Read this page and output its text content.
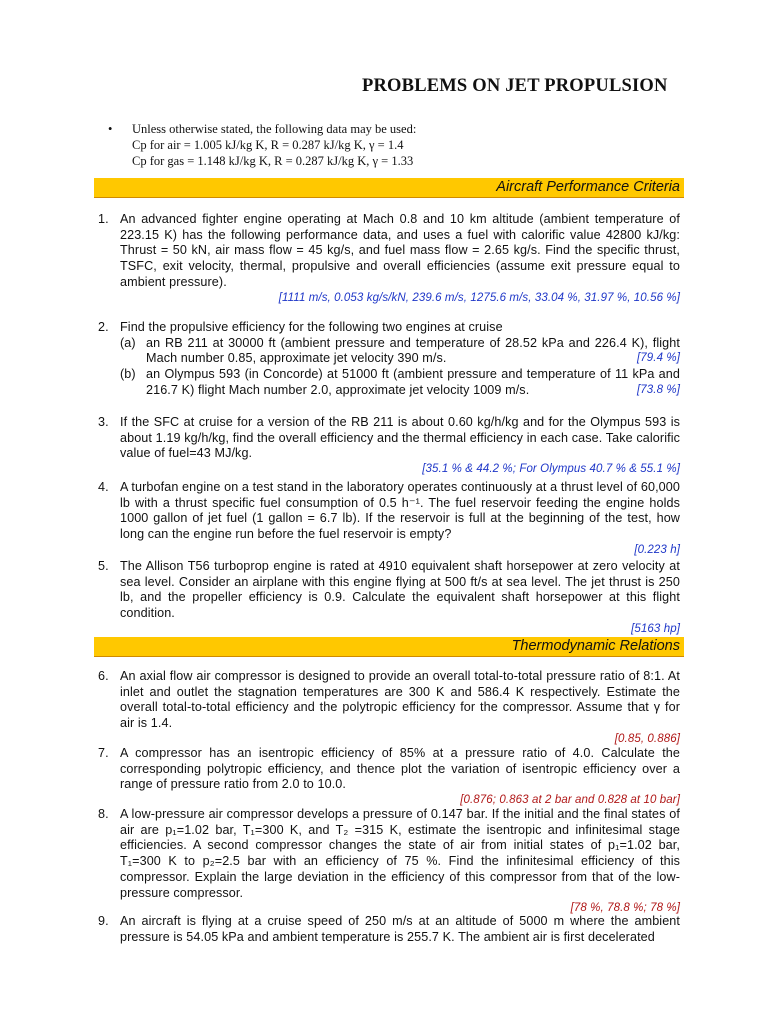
PROBLEMS ON JET PROPULSION
• Unless otherwise stated, the following data may be used:
Cp for air = 1.005 kJ/kg K, R = 0.287 kJ/kg K, γ = 1.4
Cp for gas = 1.148 kJ/kg K, R = 0.287 kJ/kg K, γ = 1.33
Aircraft Performance Criteria
1. An advanced fighter engine operating at Mach 0.8 and 10 km altitude (ambient temperature of 223.15 K) has the following performance data, and uses a fuel with calorific value 42800 kJ/kg: Thrust = 50 kN, air mass flow = 45 kg/s, and fuel mass flow = 2.65 kg/s. Find the specific thrust, TSFC, exit velocity, thermal, propulsive and overall efficiencies (assume exit pressure equal to ambient pressure).
[1111 m/s, 0.053 kg/s/kN, 239.6 m/s, 1275.6 m/s, 33.04 %, 31.97 %, 10.56 %]
2. Find the propulsive efficiency for the following two engines at cruise
(a) an RB 211 at 30000 ft (ambient pressure and temperature of 28.52 kPa and 226.4 K), flight Mach number 0.85, approximate jet velocity 390 m/s.	[79.4 %]
(b) an Olympus 593 (in Concorde) at 51000 ft (ambient pressure and temperature of 11 kPa and 216.7 K) flight Mach number 2.0, approximate jet velocity 1009 m/s.	[73.8 %]
3. If the SFC at cruise for a version of the RB 211 is about 0.60 kg/h/kg and for the Olympus 593 is about 1.19 kg/h/kg, find the overall efficiency and the thermal efficiency in each case. Take calorific value of fuel=43 MJ/kg.
[35.1 % & 44.2 %; For Olympus 40.7 % & 55.1 %]
4. A turbofan engine on a test stand in the laboratory operates continuously at a thrust level of 60,000 lb with a thrust specific fuel consumption of 0.5 h⁻¹. The fuel reservoir feeding the engine holds 1000 gallon of jet fuel (1 gallon = 6.7 lb). If the reservoir is full at the beginning of the test, how long can the engine run before the fuel reservoir is empty?
[0.223 h]
5. The Allison T56 turboprop engine is rated at 4910 equivalent shaft horsepower at zero velocity at sea level. Consider an airplane with this engine flying at 500 ft/s at sea level. The jet thrust is 250 lb, and the propeller efficiency is 0.9. Calculate the equivalent shaft horsepower at this flight condition.
[5163 hp]
Thermodynamic Relations
6. An axial flow air compressor is designed to provide an overall total-to-total pressure ratio of 8:1. At inlet and outlet the stagnation temperatures are 300 K and 586.4 K respectively. Estimate the overall total-to-total efficiency and the polytropic efficiency for the compressor. Assume that γ for air is 1.4.
[0.85, 0.886]
7. A compressor has an isentropic efficiency of 85% at a pressure ratio of 4.0. Calculate the corresponding polytropic efficiency, and thence plot the variation of isentropic efficiency over a range of pressure ratio from 2.0 to 10.0.
[0.876; 0.863 at 2 bar and 0.828 at 10 bar]
8. A low-pressure air compressor develops a pressure of 0.147 bar. If the initial and the final states of air are p₁=1.02 bar, T₁=300 K, and T₂ =315 K, estimate the isentropic and infinitesimal stage efficiencies. A second compressor changes the state of air from initial states of p₁=1.02 bar, T₁=300 K to p₂=2.5 bar with an efficiency of 75 %. Find the infinitesimal efficiency of this compressor. Explain the large deviation in the efficiency of this compressor from that of the low-pressure compressor.
[78 %, 78.8 %; 78 %]
9. An aircraft is flying at a cruise speed of 250 m/s at an altitude of 5000 m where the ambient pressure is 54.05 kPa and ambient temperature is 255.7 K. The ambient air is first decelerated
